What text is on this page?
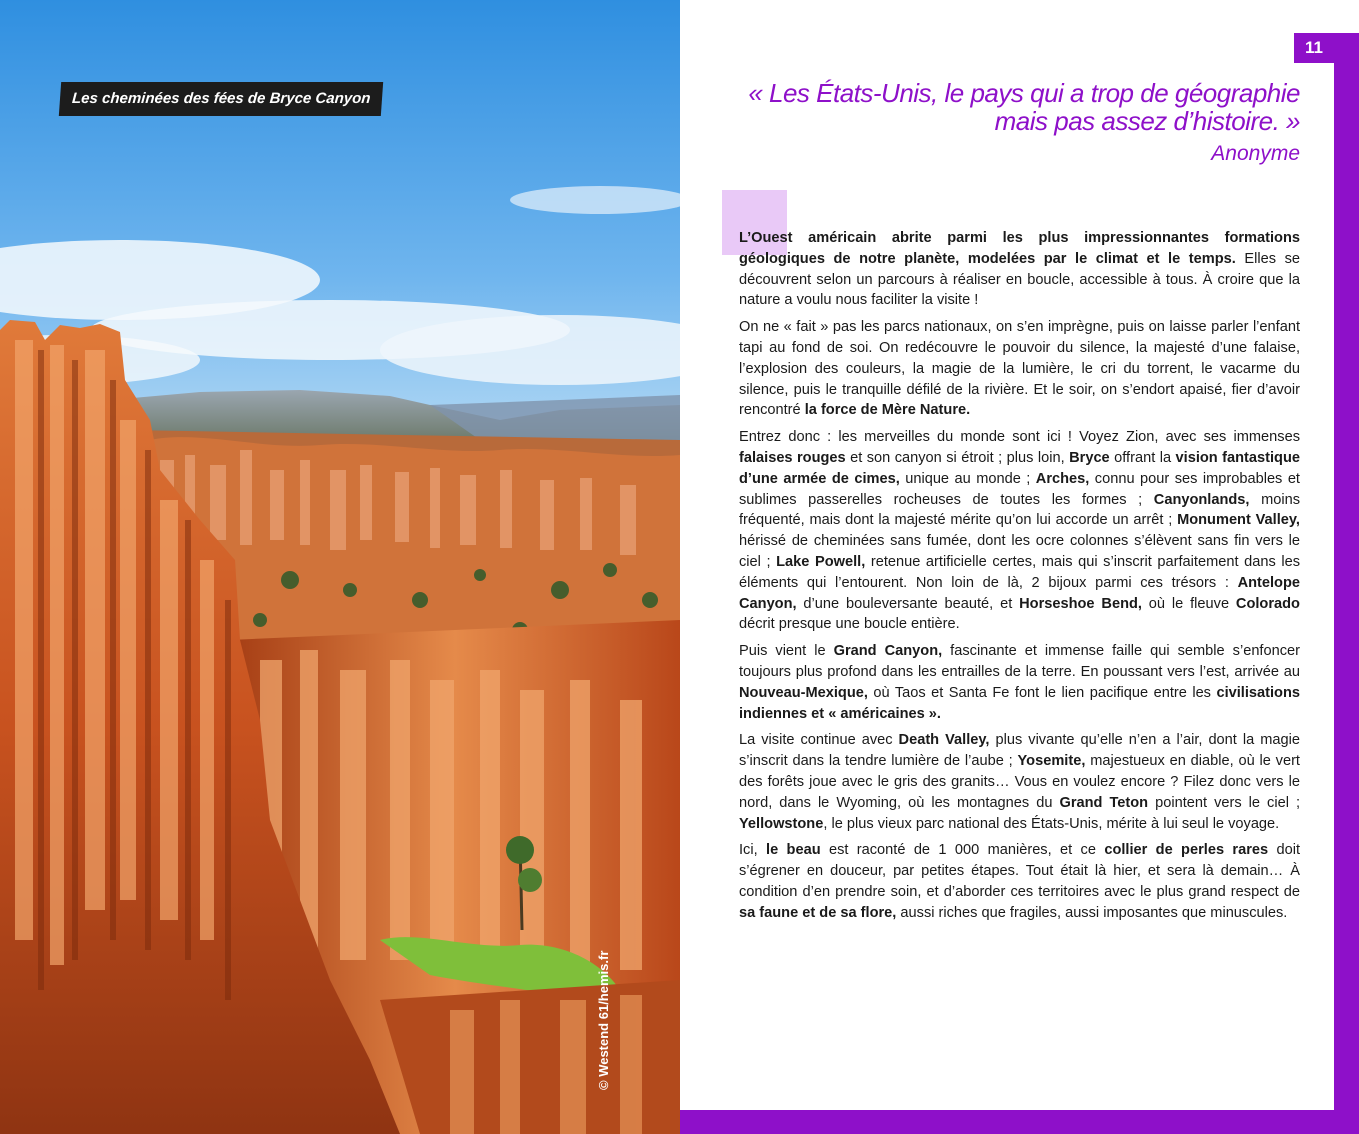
Les cheminées des fées de Bryce Canyon
© Westend 61/hemis.fr
11
« Les États-Unis, le pays qui a trop de géographie
mais pas assez d’histoire. »
Anonyme

L’Ouest américain abrite parmi les plus impressionnantes formations géologiques de notre planète, modelées par le climat et le temps. Elles se découvrent selon un parcours à réaliser en boucle, accessible à tous. À croire que la nature a voulu nous faciliter la visite !

On ne « fait » pas les parcs nationaux, on s’en imprègne, puis on laisse parler l’enfant tapi au fond de soi. On redécouvre le pouvoir du silence, la majesté d’une falaise, l’explosion des couleurs, la magie de la lumière, le cri du torrent, le vacarme du silence, puis le tranquille défilé de la rivière. Et le soir, on s’endort apaisé, fier d’avoir rencontré la force de Mère Nature.

Entrez donc : les merveilles du monde sont ici ! Voyez Zion, avec ses immenses falaises rouges et son canyon si étroit ; plus loin, Bryce offrant la vision fantastique d’une armée de cimes, unique au monde ; Arches, connu pour ses improbables et sublimes passerelles rocheuses de toutes les formes ; Canyonlands, moins fréquenté, mais dont la majesté mérite qu’on lui accorde un arrêt ; Monument Valley, hérissé de cheminées sans fumée, dont les ocre colonnes s’élèvent sans fin vers le ciel ; Lake Powell, retenue artificielle certes, mais qui s’inscrit parfaitement dans les éléments qui l’entourent. Non loin de là, 2 bijoux parmi ces trésors : Antelope Canyon, d’une bouleversante beauté, et Horseshoe Bend, où le fleuve Colorado décrit presque une boucle entière.

Puis vient le Grand Canyon, fascinante et immense faille qui semble s’enfoncer toujours plus profond dans les entrailles de la terre. En poussant vers l’est, arrivée au Nouveau-Mexique, où Taos et Santa Fe font le lien pacifique entre les civilisations indiennes et « américaines ».

La visite continue avec Death Valley, plus vivante qu’elle n’en a l’air, dont la magie s’inscrit dans la tendre lumière de l’aube ; Yosemite, majestueux en diable, où le vert des forêts joue avec le gris des granits… Vous en voulez encore ? Filez donc vers le nord, dans le Wyoming, où les montagnes du Grand Teton pointent vers le ciel ; Yellowstone, le plus vieux parc national des États-Unis, mérite à lui seul le voyage.

Ici, le beau est raconté de 1 000 manières, et ce collier de perles rares doit s’égrener en douceur, par petites étapes. Tout était là hier, et sera là demain… À condition d’en prendre soin, et d’aborder ces territoires avec le plus grand respect de sa faune et de sa flore, aussi riches que fragiles, aussi imposantes que minuscules.
